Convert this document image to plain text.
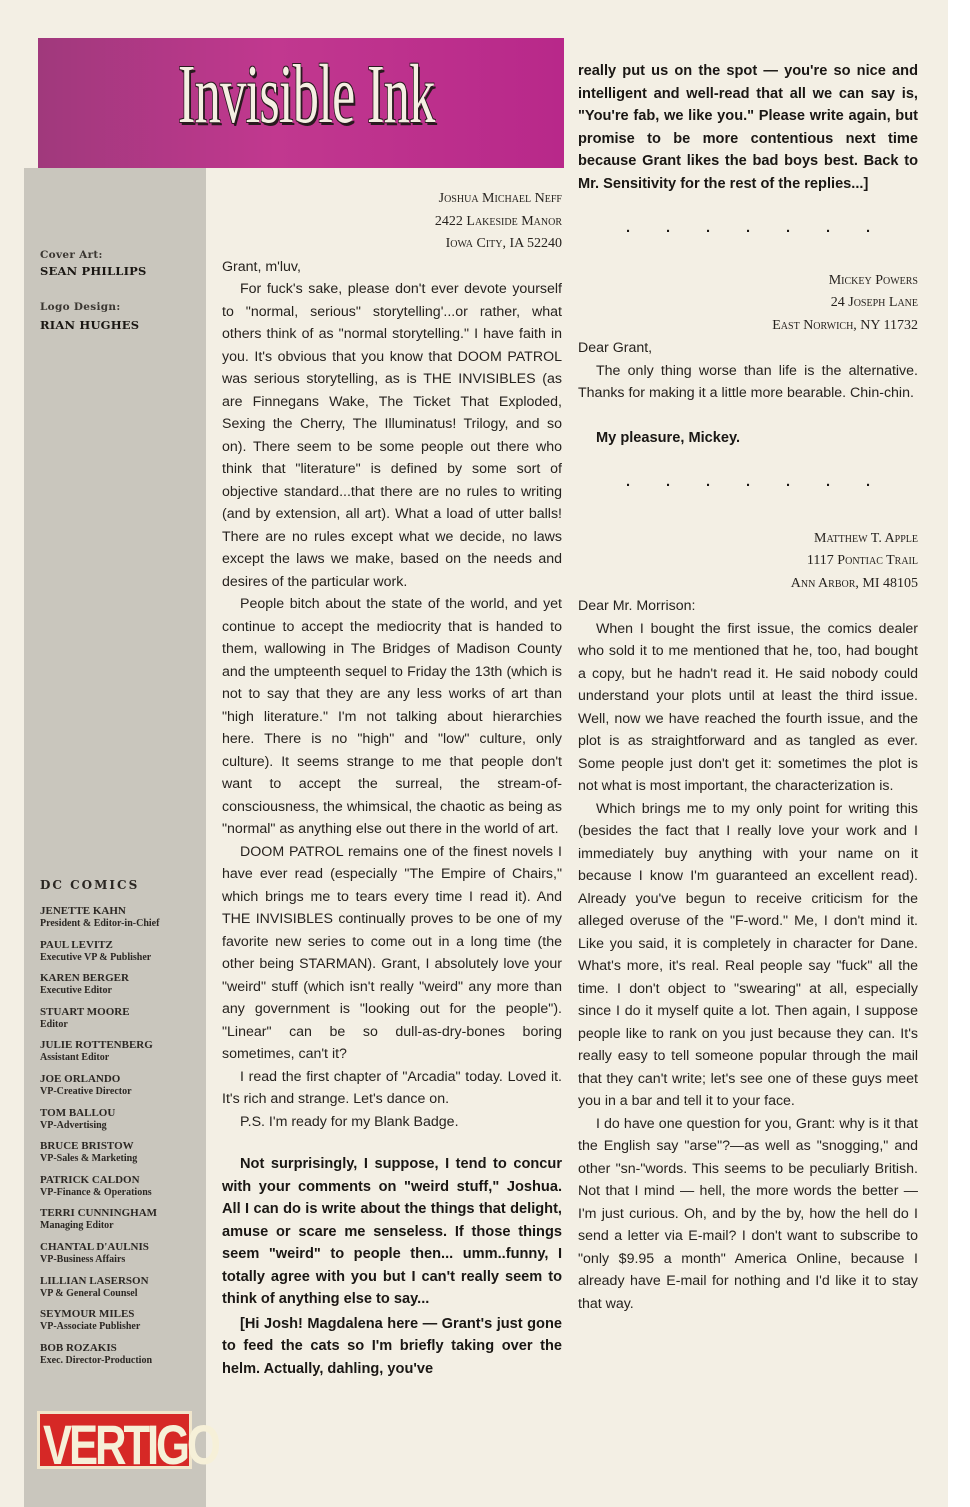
Cover Art:
SEAN PHILLIPS
Logo Design:
RIAN HUGHES
DC COMICS
JENETTE KAHN
President & Editor-in-Chief
PAUL LEVITZ
Executive VP & Publisher
KAREN BERGER
Executive Editor
STUART MOORE
Editor
JULIE ROTTENBERG
Assistant Editor
JOE ORLANDO
VP-Creative Director
TOM BALLOU
VP-Advertising
BRUCE BRISTOW
VP-Sales & Marketing
PATRICK CALDON
VP-Finance & Operations
TERRI CUNNINGHAM
Managing Editor
CHANTAL D'AULNIS
VP-Business Affairs
LILLIAN LASERSON
VP & General Counsel
SEYMOUR MILES
VP-Associate Publisher
BOB ROZAKIS
Exec. Director-Production
VERTIGO
Invisible Ink
Joshua Michael Neff
2422 Lakeside Manor
Iowa City, IA 52240

Grant, m'luv,

For fuck's sake, please don't ever devote yourself to "normal, serious" storytelling'...or rather, what others think of as "normal storytelling." I have faith in you. It's obvious that you know that DOOM PATROL was serious storytelling, as is THE INVISIBLES (as are Finnegans Wake, The Ticket That Exploded, Sexing the Cherry, The Illuminatus! Trilogy, and so on). There seem to be some people out there who think that "literature" is defined by some sort of objective standard...that there are no rules to writing (and by extension, all art). What a load of utter balls! There are no rules except what we decide, no laws except the laws we make, based on the needs and desires of the particular work.

People bitch about the state of the world, and yet continue to accept the mediocrity that is handed to them, wallowing in The Bridges of Madison County and the umpteenth sequel to Friday the 13th (which is not to say that they are any less works of art than "high literature." I'm not talking about hierarchies here. There is no "high" and "low" culture, only culture). It seems strange to me that people don't want to accept the surreal, the stream-of-consciousness, the whimsical, the chaotic as being as "normal" as anything else out there in the world of art.

DOOM PATROL remains one of the finest novels I have ever read (especially "The Empire of Chairs," which brings me to tears every time I read it). And THE INVISIBLES continually proves to be one of my favorite new series to come out in a long time (the other being STARMAN). Grant, I absolutely love your "weird" stuff (which isn't really "weird" any more than any government is "looking out for the people"). "Linear" can be so dull-as-dry-bones boring sometimes, can't it?

I read the first chapter of "Arcadia" today. Loved it. It's rich and strange. Let's dance on.

P.S. I'm ready for my Blank Badge.

Not surprisingly, I suppose, I tend to concur with your comments on "weird stuff," Joshua. All I can do is write about the things that delight, amuse or scare me senseless. If those things seem "weird" to people then... umm..funny, I totally agree with you but I can't really seem to think of anything else to say...

[Hi Josh! Magdalena here — Grant's just gone to feed the cats so I'm briefly taking over the helm. Actually, dahling, you've

really put us on the spot — you're so nice and intelligent and well-read that all we can say is, "You're fab, we like you." Please write again, but promise to be more contentious next time because Grant likes the bad boys best. Back to Mr. Sensitivity for the rest of the replies...]

. . . . . . .
Mickey Powers
24 Joseph Lane
East Norwich, NY 11732

Dear Grant,

The only thing worse than life is the alternative. Thanks for making it a little more bearable. Chin-chin.

My pleasure, Mickey.

. . . . . . .
Matthew T. Apple
1117 Pontiac Trail
Ann Arbor, MI 48105

Dear Mr. Morrison:

When I bought the first issue, the comics dealer who sold it to me mentioned that he, too, had bought a copy, but he hadn't read it. He said nobody could understand your plots until at least the third issue. Well, now we have reached the fourth issue, and the plot is as straightforward and as tangled as ever. Some people just don't get it: sometimes the plot is not what is most important, the characterization is.

Which brings me to my only point for writing this (besides the fact that I really love your work and I immediately buy anything with your name on it because I know I'm guaranteed an excellent read). Already you've begun to receive criticism for the alleged overuse of the "F-word." Me, I don't mind it. Like you said, it is completely in character for Dane. What's more, it's real. Real people say "fuck" all the time. I don't object to "swearing" at all, especially since I do it myself quite a lot. Then again, I suppose people like to rank on you just because they can. It's really easy to tell someone popular through the mail that they can't write; let's see one of these guys meet you in a bar and tell it to your face.

I do have one question for you, Grant: why is it that the English say "arse"?—as well as "snogging," and other "sn-"words. This seems to be peculiarly British. Not that I mind — hell, the more words the better — I'm just curious. Oh, and by the by, how the hell do I send a letter via E-mail? I don't want to subscribe to "only $9.95 a month" America Online, because I already have E-mail for nothing and I'd like it to stay that way.
